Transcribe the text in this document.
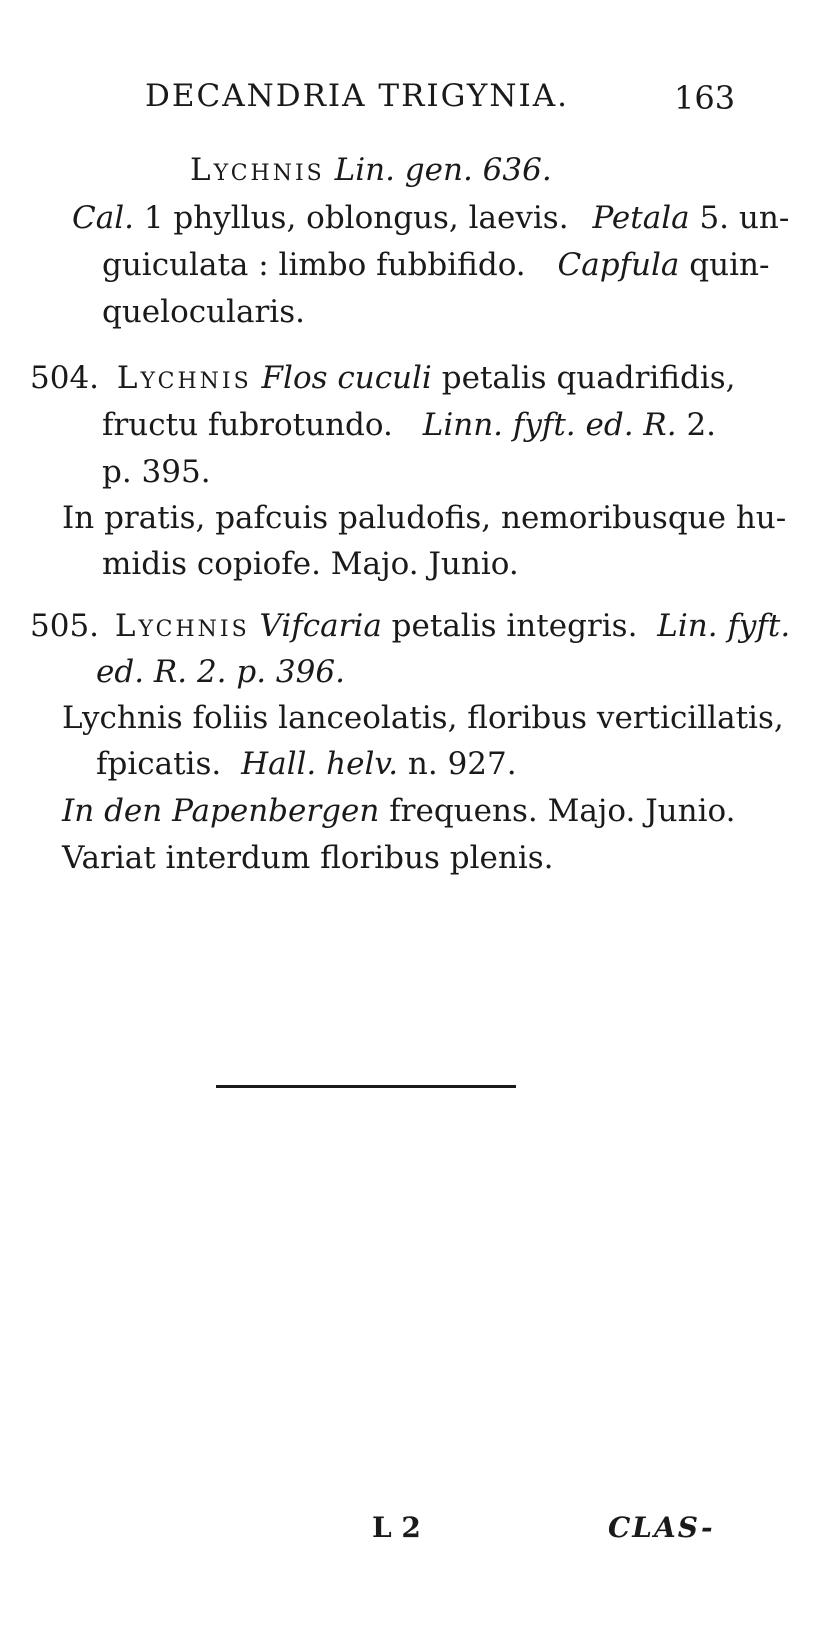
DECANDRIA TRIGYNIA.	163
Lychnis Lin. gen. 636.
Cal. 1 phyllus, oblongus, laevis. Petala 5. un-
guiculata : limbo fubbifido. Capfula quin-
quelocularis.
504. Lychnis Flos cuculi petalis quadrifidis,
fructu fubrotundo. Linn. fyft. ed. R. 2.
p. 395.
In pratis, pafcuis paludofis, nemoribusque hu-
midis copiofe. Majo. Junio.
505. Lychnis Vifcaria petalis integris. Lin. fyft.
ed. R. 2. p. 396.
Lychnis foliis lanceolatis, floribus verticillatis,
fpicatis. Hall. helv. n. 927.
In den Papenbergen frequens. Majo. Junio.
Variat interdum floribus plenis.
L 2	CLAS-
